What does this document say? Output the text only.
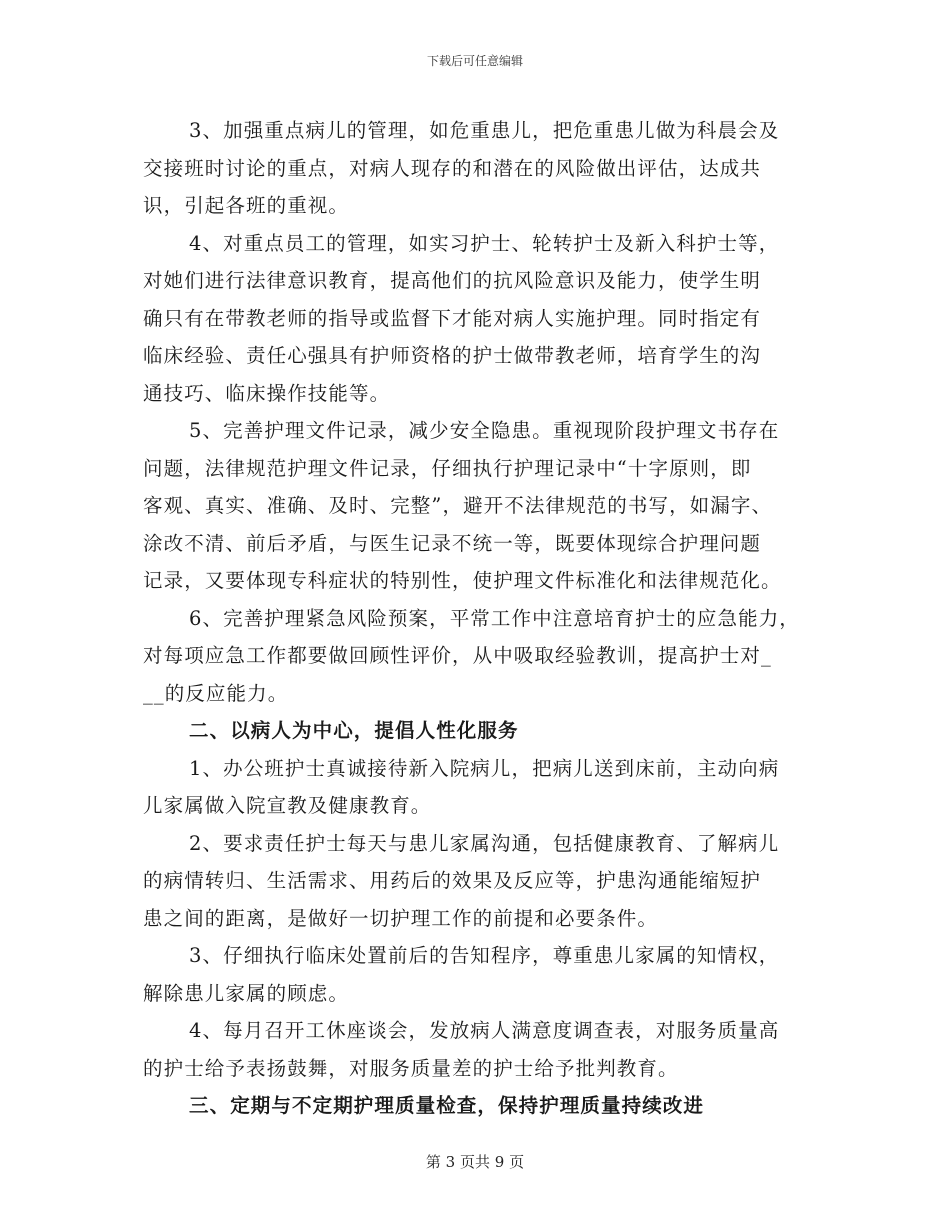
下载后可任意编辑
3、加强重点病儿的管理，如危重患儿，把危重患儿做为科晨会及
交接班时讨论的重点，对病人现存的和潜在的风险做出评估，达成共
识，引起各班的重视。
4、对重点员工的管理，如实习护士、轮转护士及新入科护士等，
对她们进行法律意识教育，提高他们的抗风险意识及能力，使学生明
确只有在带教老师的指导或监督下才能对病人实施护理。同时指定有
临床经验、责任心强具有护师资格的护士做带教老师，培育学生的沟
通技巧、临床操作技能等。
5、完善护理文件记录，减少安全隐患。重视现阶段护理文书存在
问题，法律规范护理文件记录，仔细执行护理记录中“十字原则，即
客观、真实、准确、及时、完整”，避开不法律规范的书写，如漏字、
涂改不清、前后矛盾，与医生记录不统一等，既要体现综合护理问题
记录，又要体现专科症状的特别性，使护理文件标准化和法律规范化。
6、完善护理紧急风险预案，平常工作中注意培育护士的应急能力，
对每项应急工作都要做回顾性评价，从中吸取经验教训，提高护士对_
__的反应能力。
二、以病人为中心，提倡人性化服务
1、办公班护士真诚接待新入院病儿，把病儿送到床前，主动向病
儿家属做入院宣教及健康教育。
2、要求责任护士每天与患儿家属沟通，包括健康教育、了解病儿
的病情转归、生活需求、用药后的效果及反应等，护患沟通能缩短护
患之间的距离，是做好一切护理工作的前提和必要条件。
3、仔细执行临床处置前后的告知程序，尊重患儿家属的知情权，
解除患儿家属的顾虑。
4、每月召开工休座谈会，发放病人满意度调查表，对服务质量高
的护士给予表扬鼓舞，对服务质量差的护士给予批判教育。
三、定期与不定期护理质量检查，保持护理质量持续改进
第 3 页共 9 页
